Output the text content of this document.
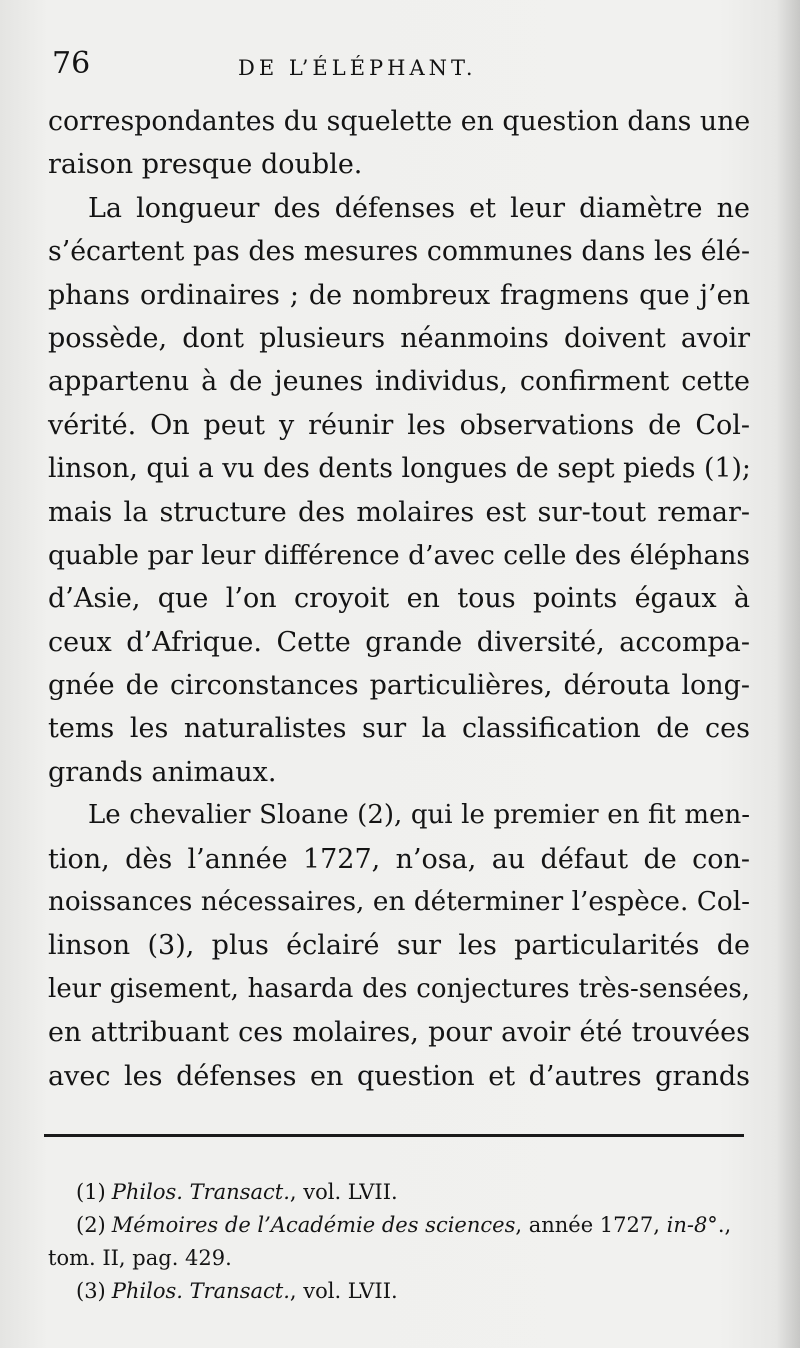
76	DE L’ÉLÉPHANT.
correspondantes du squelette en question dans une
raison presque double.
La longueur des défenses et leur diamètre ne
s’écartent pas des mesures communes dans les élé-
phans ordinaires ; de nombreux fragmens que j’en
possède, dont plusieurs néanmoins doivent avoir
appartenu à de jeunes individus, confirment cette
vérité. On peut y réunir les observations de Col-
linson, qui a vu des dents longues de sept pieds (1);
mais la structure des molaires est sur-tout remar-
quable par leur différence d’avec celle des éléphans
d’Asie, que l’on croyoit en tous points égaux à
ceux d’Afrique. Cette grande diversité, accompa-
gnée de circonstances particulières, dérouta long-
tems les naturalistes sur la classification de ces
grands animaux.
Le chevalier Sloane (2), qui le premier en fit men-
tion, dès l’année 1727, n’osa, au défaut de con-
noissances nécessaires, en déterminer l’espèce. Col-
linson (3), plus éclairé sur les particularités de
leur gisement, hasarda des conjectures très-sensées,
en attribuant ces molaires, pour avoir été trouvées
avec les défenses en question et d’autres grands
(1) Philos. Transact., vol. LVII.
(2) Mémoires de l’Académie des sciences, année 1727, in-8°.,
tom. II, pag. 429.
(3) Philos. Transact., vol. LVII.
